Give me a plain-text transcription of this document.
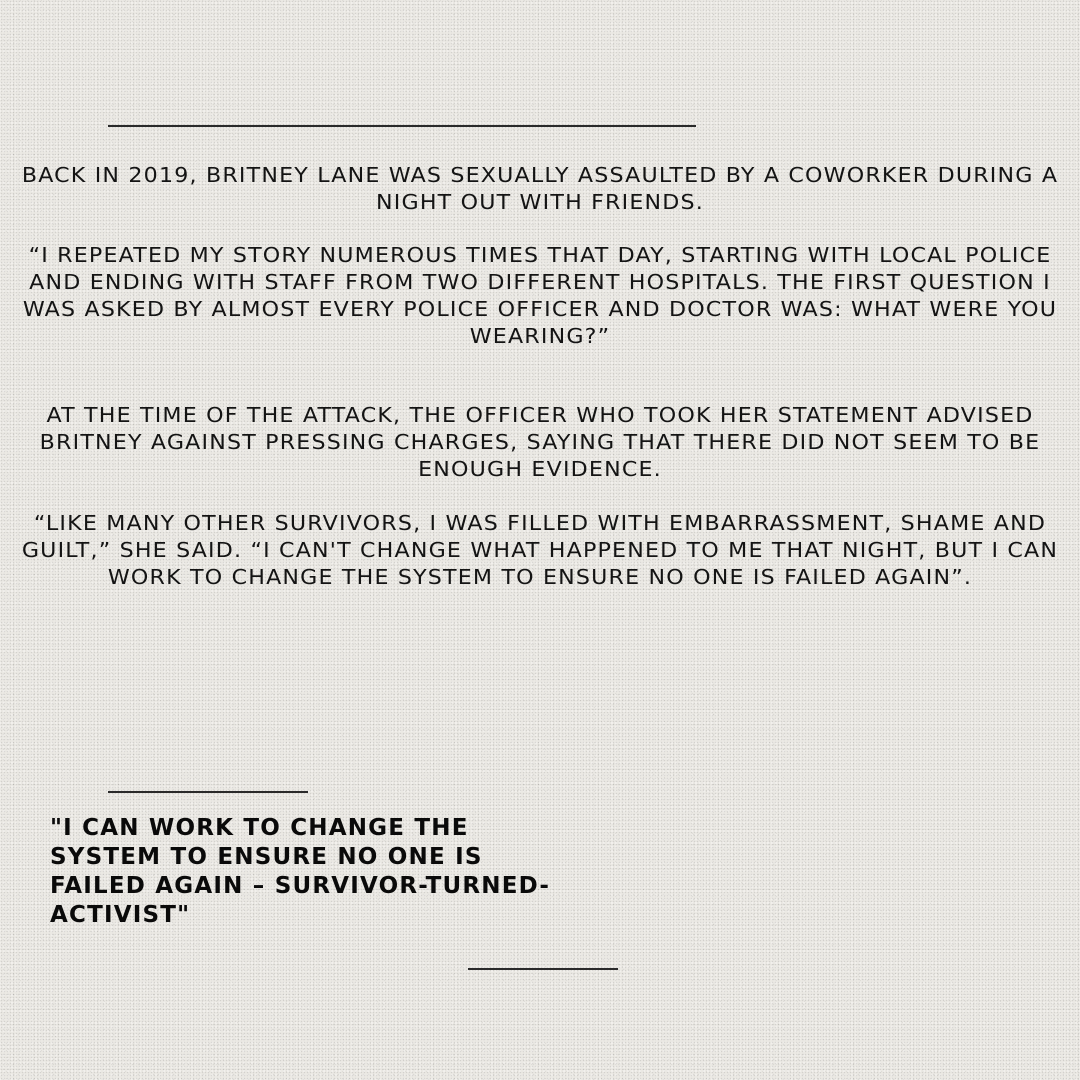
BACK IN 2019, BRITNEY LANE WAS SEXUALLY ASSAULTED BY A COWORKER DURING A NIGHT OUT WITH FRIENDS.

“I REPEATED MY STORY NUMEROUS TIMES THAT DAY, STARTING WITH LOCAL POLICE AND ENDING WITH STAFF FROM TWO DIFFERENT HOSPITALS. THE FIRST QUESTION I WAS ASKED BY ALMOST EVERY POLICE OFFICER AND DOCTOR WAS: WHAT WERE YOU WEARING?”

AT THE TIME OF THE ATTACK, THE OFFICER WHO TOOK HER STATEMENT ADVISED BRITNEY AGAINST PRESSING CHARGES, SAYING THAT THERE DID NOT SEEM TO BE ENOUGH EVIDENCE.

“LIKE MANY OTHER SURVIVORS, I WAS FILLED WITH EMBARRASSMENT, SHAME AND GUILT,” SHE SAID. “I CAN'T CHANGE WHAT HAPPENED TO ME THAT NIGHT, BUT I CAN WORK TO CHANGE THE SYSTEM TO ENSURE NO ONE IS FAILED AGAIN”.

"I CAN WORK TO CHANGE THE
SYSTEM TO ENSURE NO ONE IS
FAILED AGAIN – SURVIVOR-TURNED-
ACTIVIST"
